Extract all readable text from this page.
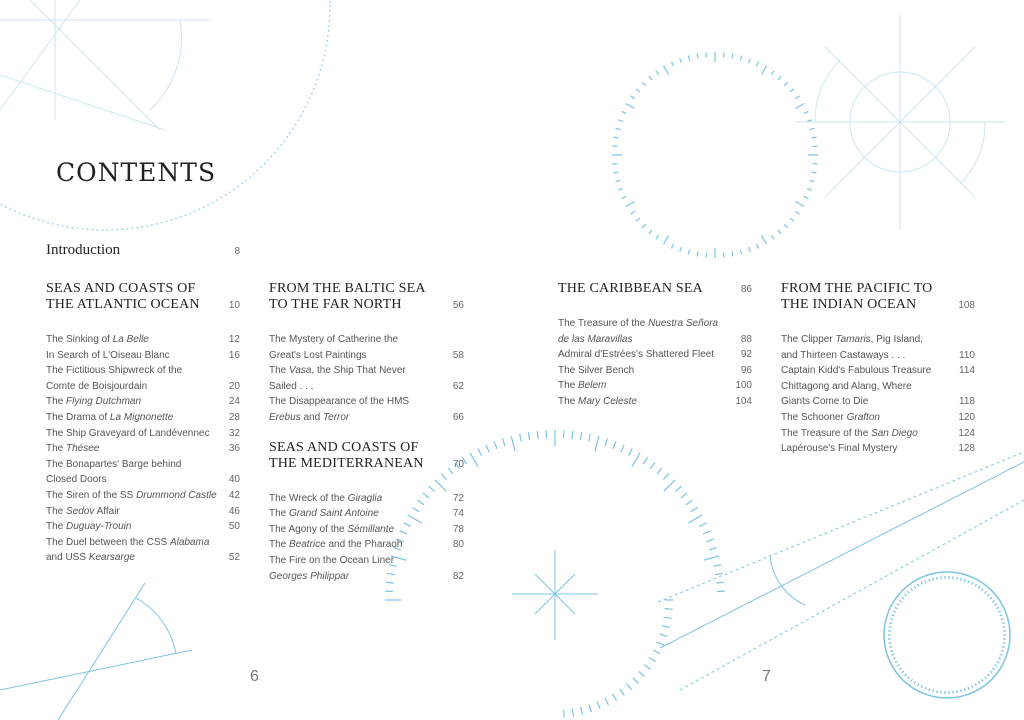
CONTENTS
Introduction	8
SEAS AND COASTS OF
THE ATLANTIC OCEAN	10
The Sinking of La Belle	12
In Search of L'Oiseau Blanc	16
The Fictitious Shipwreck of the
Comte de Boisjourdain	20
The Flying Dutchman	24
The Drama of La Mignonette	28
The Ship Graveyard of Landévennec 32
The Thésee	36
The Bonapartes' Barge behind
Closed Doors	40
The Siren of the SS Drummond Castle 42
The Sedov Affair	46
The Duguay-Trouin	50
The Duel between the CSS Alabama
and USS Kearsarge	52
FROM THE BALTIC SEA
TO THE FAR NORTH	56
The Mystery of Catherine the
Great's Lost Paintings	58
The Vasa, the Ship That Never
Sailed . . .	62
The Disappearance of the HMS
Erebus and Terror	66
SEAS AND COASTS OF
THE MEDITERRANEAN	70
The Wreck of the Giraglia	72
The Grand Saint Antoine	74
The Agony of the Sémillante	78
The Beatrice and the Pharaoh	80
The Fire on the Ocean Liner
Georges Philippar	82
THE CARIBBEAN SEA	86
The Treasure of the Nuestra Señora
de las Maravillas	88
Admiral d'Estrées's Shattered Fleet	92
The Silver Bench	96
The Belem	100
The Mary Celeste	104
FROM THE PACIFIC TO
THE INDIAN OCEAN	108
The Clipper Tamaris, Pig Island,
and Thirteen Castaways . . .	110
Captain Kidd's Fabulous Treasure	114
Chittagong and Alang, Where
Giants Come to Die	118
The Schooner Grafton	120
The Treasure of the San Diego	124
Lapérouse's Final Mystery	128
6	7
